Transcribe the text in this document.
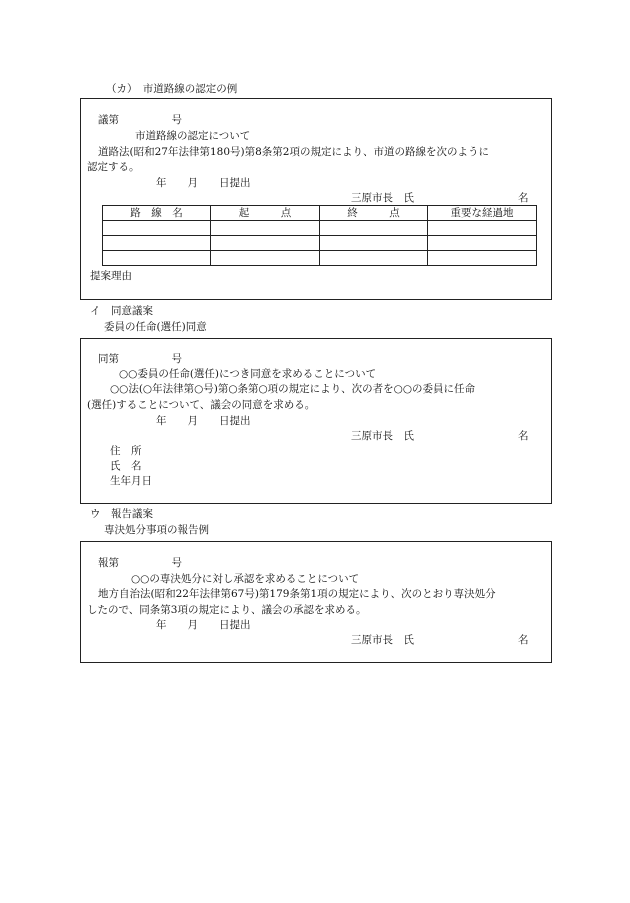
（カ）　市道路線の認定の例
議第　　　　　号
市道路線の認定について
道路法(昭和27年法律第180号)第8条第2項の規定により、市道の路線を次のように
認定する。
年　　月　　日提出
三原市長　氏	名
路　線　名	起　　　点	終　　　点	重要な経過地

提案理由
イ　同意議案
委員の任命(選任)同意
同第　　　　　号
○○委員の任命(選任)につき同意を求めることについて
○○法(○年法律第○号)第○条第○項の規定により、次の者を○○の委員に任命
(選任)することについて、議会の同意を求める。
年　　月　　日提出
三原市長　氏	名
住　所
氏　名
生年月日
ウ　報告議案
専決処分事項の報告例
報第　　　　　号
○○の専決処分に対し承認を求めることについて
地方自治法(昭和22年法律第67号)第179条第1項の規定により、次のとおり専決処分
したので、同条第3項の規定により、議会の承認を求める。
年　　月　　日提出
三原市長　氏	名
